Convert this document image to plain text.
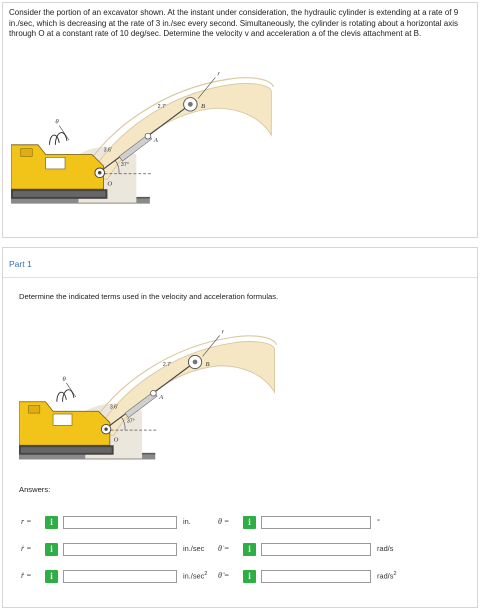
Consider the portion of an excavator shown. At the instant under consideration, the hydraulic cylinder is extending at a rate of 9 in./sec, which is decreasing at the rate of 3 in./sec every second. Simultaneously, the cylinder is rotating about a horizontal axis through O at a constant rate of 10 deg/sec. Determine the velocity v and acceleration a of the clevis attachment at B.
r
B
A
O
θ
2.7'
3.6'
37°
Part 1
Determine the indicated terms used in the velocity and acceleration formulas.
r
B
A
O
θ
2.7'
3.6'
37°
Answers:
r =	i	in.	θ =	i	°
ṙ =	i	in./sec θ̇ =	i	rad/s
r̈ =	i	$in./\sec^2$ θ̈ =	i	rad/$s^2$
